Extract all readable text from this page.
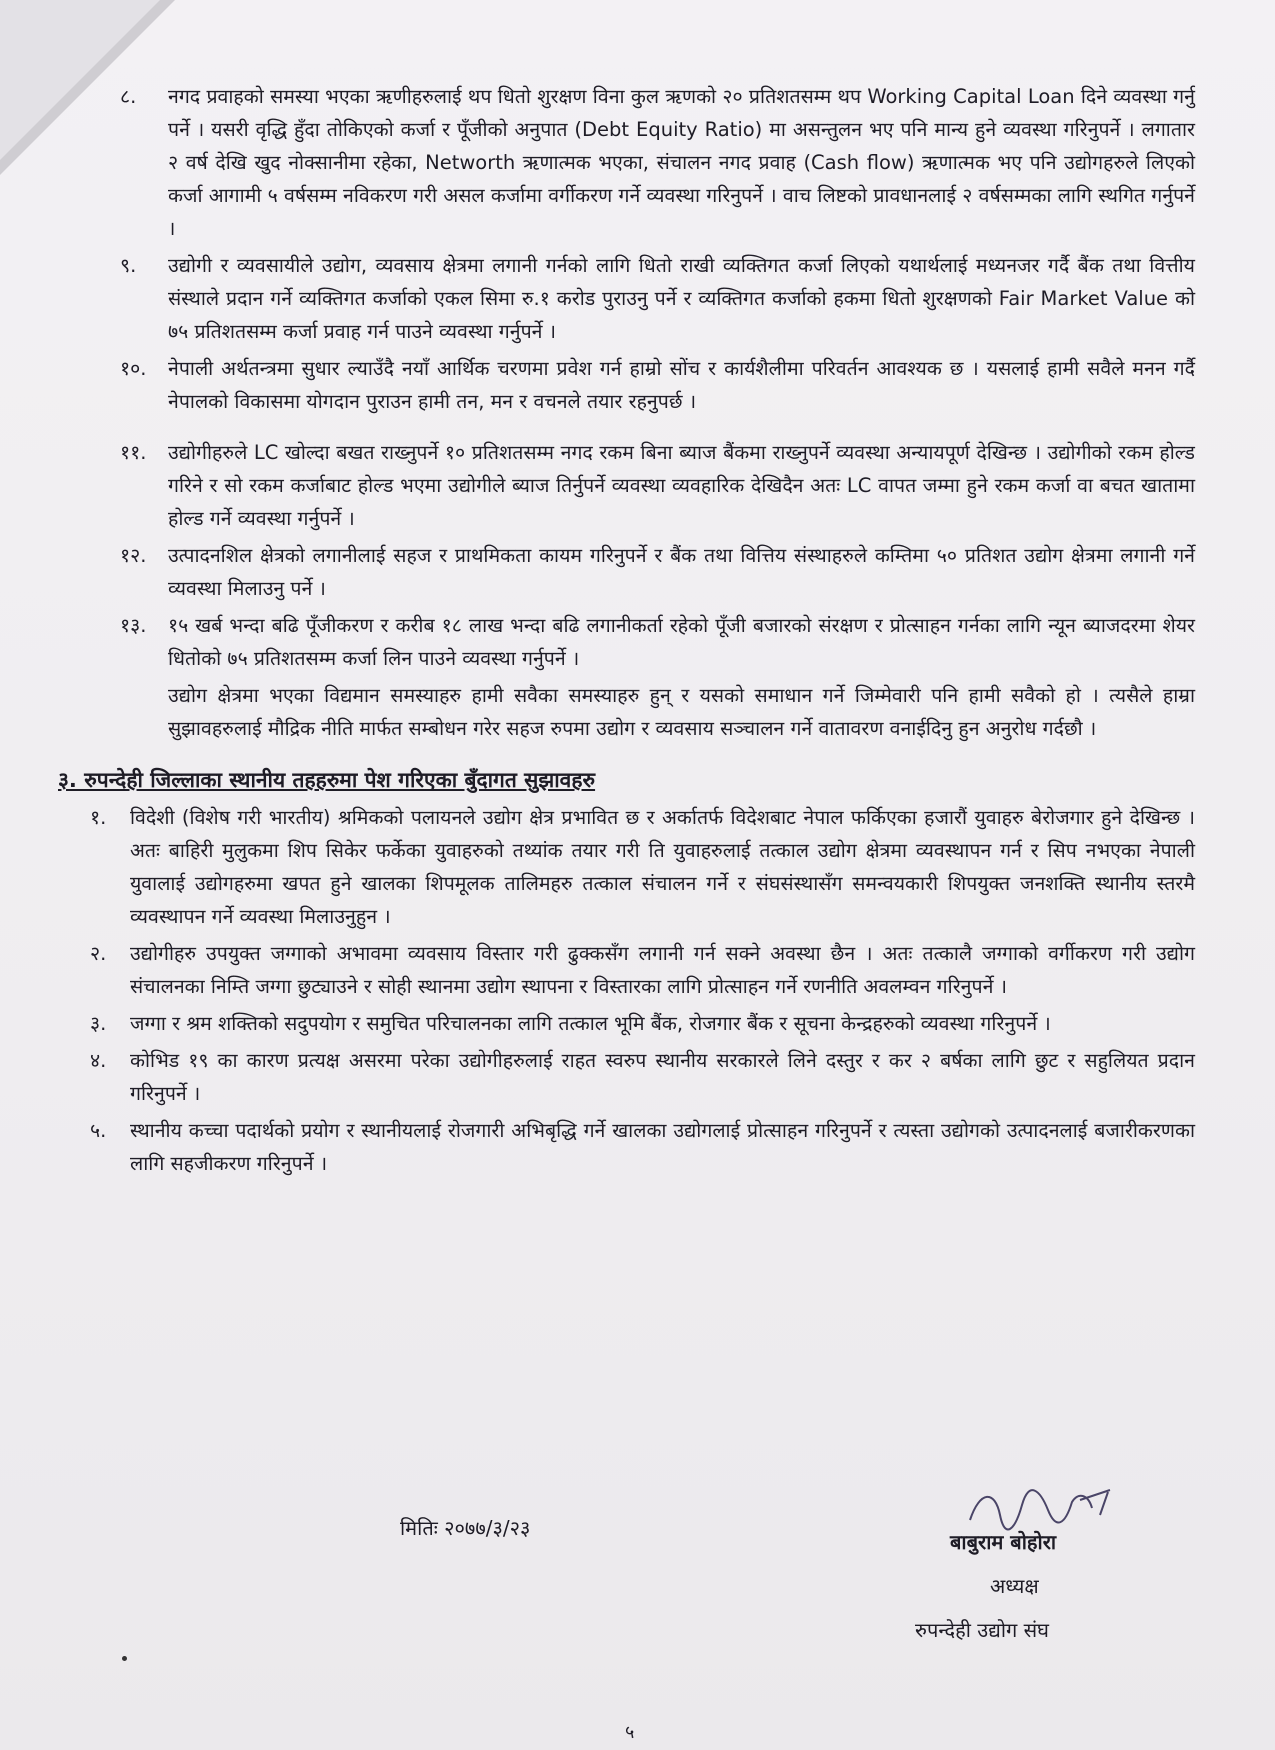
८.	नगद प्रवाहको समस्या भएका ऋणीहरुलाई थप धितो शुरक्षण विना कुल ऋणको २० प्रतिशतसम्म थप Working Capital Loan दिने व्यवस्था गर्नु पर्ने । यसरी वृद्धि हुँदा तोकिएको कर्जा र पूँजीको अनुपात (Debt Equity Ratio) मा असन्तुलन भए पनि मान्य हुने व्यवस्था गरिनुपर्ने । लगातार २ वर्ष देखि खुद नोक्सानीमा रहेका, Networth ऋणात्मक भएका, संचालन नगद प्रवाह (Cash flow) ऋणात्मक भए पनि उद्योगहरुले लिएको कर्जा आगामी ५ वर्षसम्म नविकरण गरी असल कर्जामा वर्गीकरण गर्ने व्यवस्था गरिनुपर्ने । वाच लिष्टको प्रावधानलाई २ वर्षसम्मका लागि स्थगित गर्नुपर्ने ।
९.	उद्योगी र व्यवसायीले उद्योग, व्यवसाय क्षेत्रमा लगानी गर्नको लागि धितो राखी व्यक्तिगत कर्जा लिएको यथार्थलाई मध्यनजर गर्दै बैंक तथा वित्तीय संस्थाले प्रदान गर्ने व्यक्तिगत कर्जाको एकल सिमा रु.१ करोड पुराउनु पर्ने र व्यक्तिगत कर्जाको हकमा धितो शुरक्षणको Fair Market Value को ७५ प्रतिशतसम्म कर्जा प्रवाह गर्न पाउने व्यवस्था गर्नुपर्ने ।
१०.	नेपाली अर्थतन्त्रमा सुधार ल्याउँदै नयाँ आर्थिक चरणमा प्रवेश गर्न हाम्रो सोंच र कार्यशैलीमा परिवर्तन आवश्यक छ । यसलाई हामी सवैले मनन गर्दै नेपालको विकासमा योगदान पुराउन हामी तन, मन र वचनले तयार रहनुपर्छ ।
११.	उद्योगीहरुले LC खोल्दा बखत राख्नुपर्ने १० प्रतिशतसम्म नगद रकम बिना ब्याज बैंकमा राख्नुपर्ने व्यवस्था अन्यायपूर्ण देखिन्छ । उद्योगीको रकम होल्ड गरिने र सो रकम कर्जाबाट होल्ड भएमा उद्योगीले ब्याज तिर्नुपर्ने व्यवस्था व्यवहारिक देखिदैन अतः LC वापत जम्मा हुने रकम कर्जा वा बचत खातामा होल्ड गर्ने व्यवस्था गर्नुपर्ने ।
१२.	उत्पादनशिल क्षेत्रको लगानीलाई सहज र प्राथमिकता कायम गरिनुपर्ने र बैंक तथा वित्तिय संस्थाहरुले कम्तिमा ५० प्रतिशत उद्योग क्षेत्रमा लगानी गर्ने व्यवस्था मिलाउनु पर्ने ।
१३.	१५ खर्ब भन्दा बढि पूँजीकरण र करीब १८ लाख भन्दा बढि लगानीकर्ता रहेको पूँजी बजारको संरक्षण र प्रोत्साहन गर्नका लागि न्यून ब्याजदरमा शेयर धितोको ७५ प्रतिशतसम्म कर्जा लिन पाउने व्यवस्था गर्नुपर्ने ।
उद्योग क्षेत्रमा भएका विद्यमान समस्याहरु हामी सवैका समस्याहरु हुन् र यसको समाधान गर्ने जिम्मेवारी पनि हामी सवैको हो । त्यसैले हाम्रा सुझावहरुलाई मौद्रिक नीति मार्फत सम्बोधन गरेर सहज रुपमा उद्योग र व्यवसाय सञ्चालन गर्ने वातावरण वनाईदिनु हुन अनुरोध गर्दछौ ।
३. रुपन्देही जिल्लाका स्थानीय तहहरुमा पेश गरिएका बुँदागत सुझावहरु
१.	विदेशी (विशेष गरी भारतीय) श्रमिकको पलायनले उद्योग क्षेत्र प्रभावित छ र अर्कातर्फ विदेशबाट नेपाल फर्किएका हजारौं युवाहरु बेरोजगार हुने देखिन्छ । अतः बाहिरी मुलुकमा शिप सिकेर फर्केका युवाहरुको तथ्यांक तयार गरी ति युवाहरुलाई तत्काल उद्योग क्षेत्रमा व्यवस्थापन गर्न र सिप नभएका नेपाली युवालाई उद्योगहरुमा खपत हुने खालका शिपमूलक तालिमहरु तत्काल संचालन गर्ने र संघसंस्थासँग समन्वयकारी शिपयुक्त जनशक्ति स्थानीय स्तरमै व्यवस्थापन गर्ने व्यवस्था मिलाउनुहुन ।
२.	उद्योगीहरु उपयुक्त जग्गाको अभावमा व्यवसाय विस्तार गरी ढुक्कसँग लगानी गर्न सक्ने अवस्था छैन । अतः तत्कालै जग्गाको वर्गीकरण गरी उद्योग संचालनका निम्ति जग्गा छुट्याउने र सोही स्थानमा उद्योग स्थापना र विस्तारका लागि प्रोत्साहन गर्ने रणनीति अवलम्वन गरिनुपर्ने ।
३.	जग्गा र श्रम शक्तिको सदुपयोग र समुचित परिचालनका लागि तत्काल भूमि बैंक, रोजगार बैंक र सूचना केन्द्रहरुको व्यवस्था गरिनुपर्ने ।
४.	कोभिड १९ का कारण प्रत्यक्ष असरमा परेका उद्योगीहरुलाई राहत स्वरुप स्थानीय सरकारले लिने दस्तुर र कर २ बर्षका लागि छुट र सहुलियत प्रदान गरिनुपर्ने ।
५.	स्थानीय कच्चा पदार्थको प्रयोग र स्थानीयलाई रोजगारी अभिबृद्धि गर्ने खालका उद्योगलाई प्रोत्साहन गरिनुपर्ने र त्यस्ता उद्योगको उत्पादनलाई बजारीकरणका लागि सहजीकरण गरिनुपर्ने ।
मितिः २०७७/३/२३
बाबुराम बोहोरा
अध्यक्ष
रुपन्देही उद्योग संघ
५
